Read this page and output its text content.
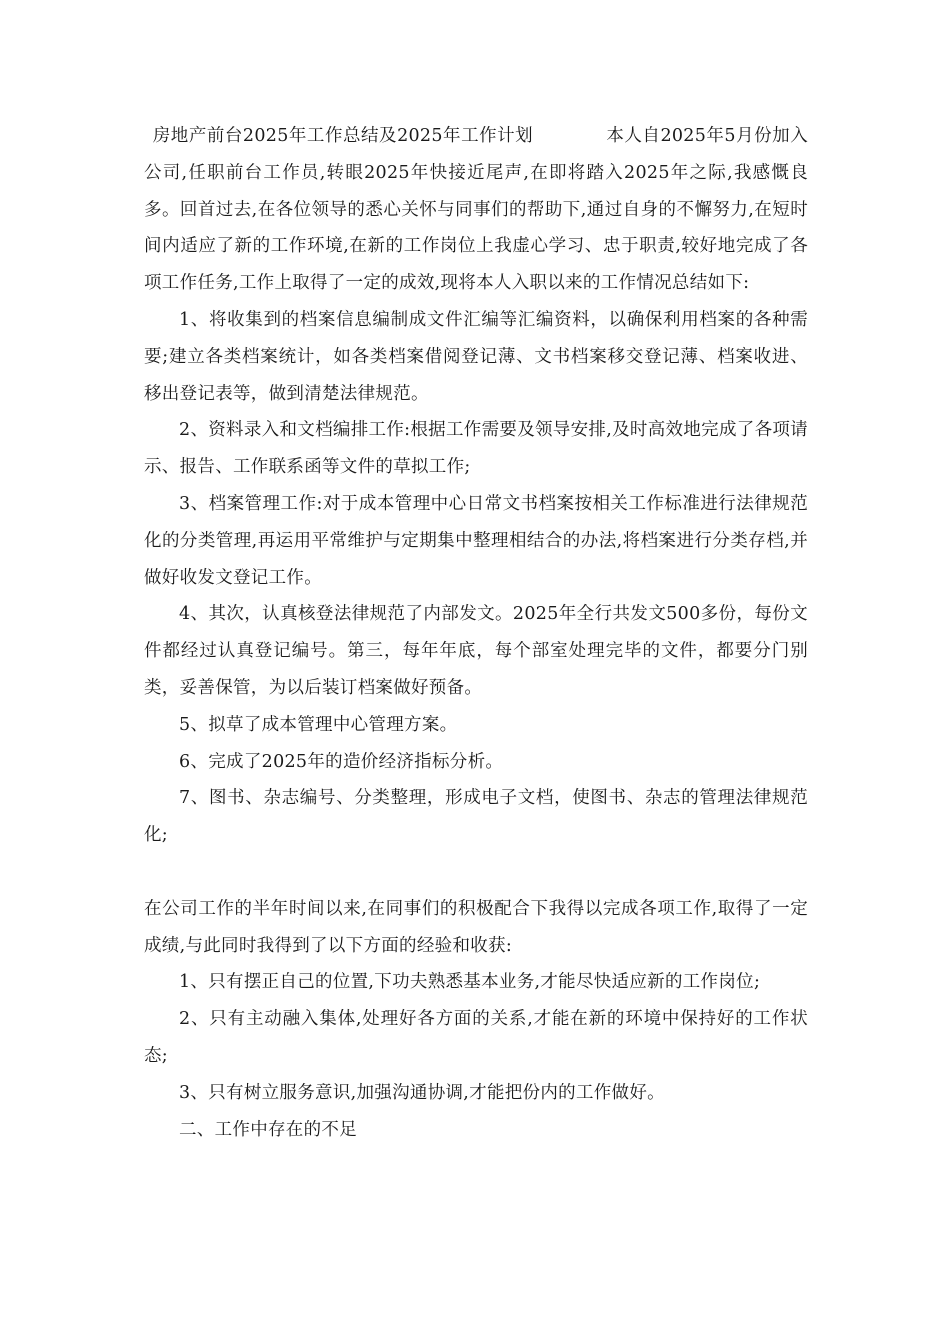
房地产前台2025年工作总结及2025年工作计划	本人自2025年5月份加入公司,任职前台工作员,转眼2025年快接近尾声,在即将踏入2025年之际,我感慨良多。回首过去,在各位领导的悉心关怀与同事们的帮助下,通过自身的不懈努力,在短时间内适应了新的工作环境,在新的工作岗位上我虚心学习、忠于职责,较好地完成了各项工作任务,工作上取得了一定的成效,现将本人入职以来的工作情况总结如下:

1、将收集到的档案信息编制成文件汇编等汇编资料，以确保利用档案的各种需要;建立各类档案统计，如各类档案借阅登记薄、文书档案移交登记薄、档案收进、移出登记表等，做到清楚法律规范。

2、资料录入和文档编排工作:根据工作需要及领导安排,及时高效地完成了各项请示、报告、工作联系函等文件的草拟工作;

3、档案管理工作:对于成本管理中心日常文书档案按相关工作标准进行法律规范化的分类管理,再运用平常维护与定期集中整理相结合的办法,将档案进行分类存档,并做好收发文登记工作。

4、其次，认真核登法律规范了内部发文。2025年全行共发文500多份，每份文件都经过认真登记编号。第三，每年年底，每个部室处理完毕的文件，都要分门别类，妥善保管，为以后装订档案做好预备。

5、拟草了成本管理中心管理方案。

6、完成了2025年的造价经济指标分析。

7、图书、杂志编号、分类整理，形成电子文档，使图书、杂志的管理法律规范化;

在公司工作的半年时间以来,在同事们的积极配合下我得以完成各项工作,取得了一定成绩,与此同时我得到了以下方面的经验和收获:

1、只有摆正自己的位置,下功夫熟悉基本业务,才能尽快适应新的工作岗位;

2、只有主动融入集体,处理好各方面的关系,才能在新的环境中保持好的工作状态;

3、只有树立服务意识,加强沟通协调,才能把份内的工作做好。

二、工作中存在的不足
